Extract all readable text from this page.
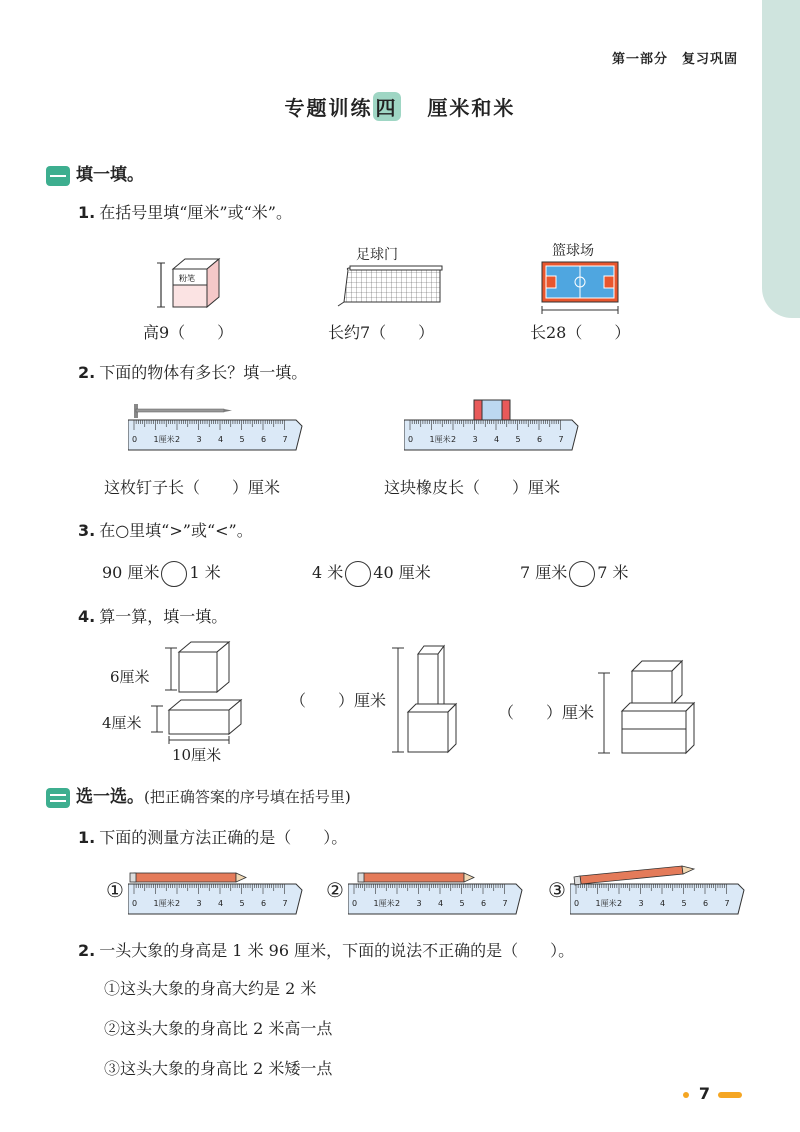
第一部分　复习巩固
专题训练 四 厘米和米
填一填。
1. 在括号里填“厘米”或“米”。
粉笔
高9（　　）
足球门
长约7（　　）
篮球场
长28（　　）
2. 下面的物体有多长？填一填。
0 1厘米 2 3 4 5 6 7	0 1厘米 2 3 4 5 6 7
这枚钉子长（　　）厘米	这块橡皮长（　　）厘米
3. 在○里填“>”或“<”。
90 厘米 1 米	4 米 40 厘米	7 厘米 7 米
4. 算一算，填一填。
6厘米
4厘米
10厘米
（　　）厘米
（　　）厘米
选一选。(把正确答案的序号填在括号里)
1. 下面的测量方法正确的是（　　）。
①
0 1厘米 2 3 4 5 6 7
②
0 1厘米 2 3 4 5 6 7
③
0 1厘米 2 3 4 5 6 7
2. 一头大象的身高是 1 米 96 厘米，下面的说法不正确的是（　　）。
①这头大象的身高大约是 2 米
②这头大象的身高比 2 米高一点
③这头大象的身高比 2 米矮一点
7
